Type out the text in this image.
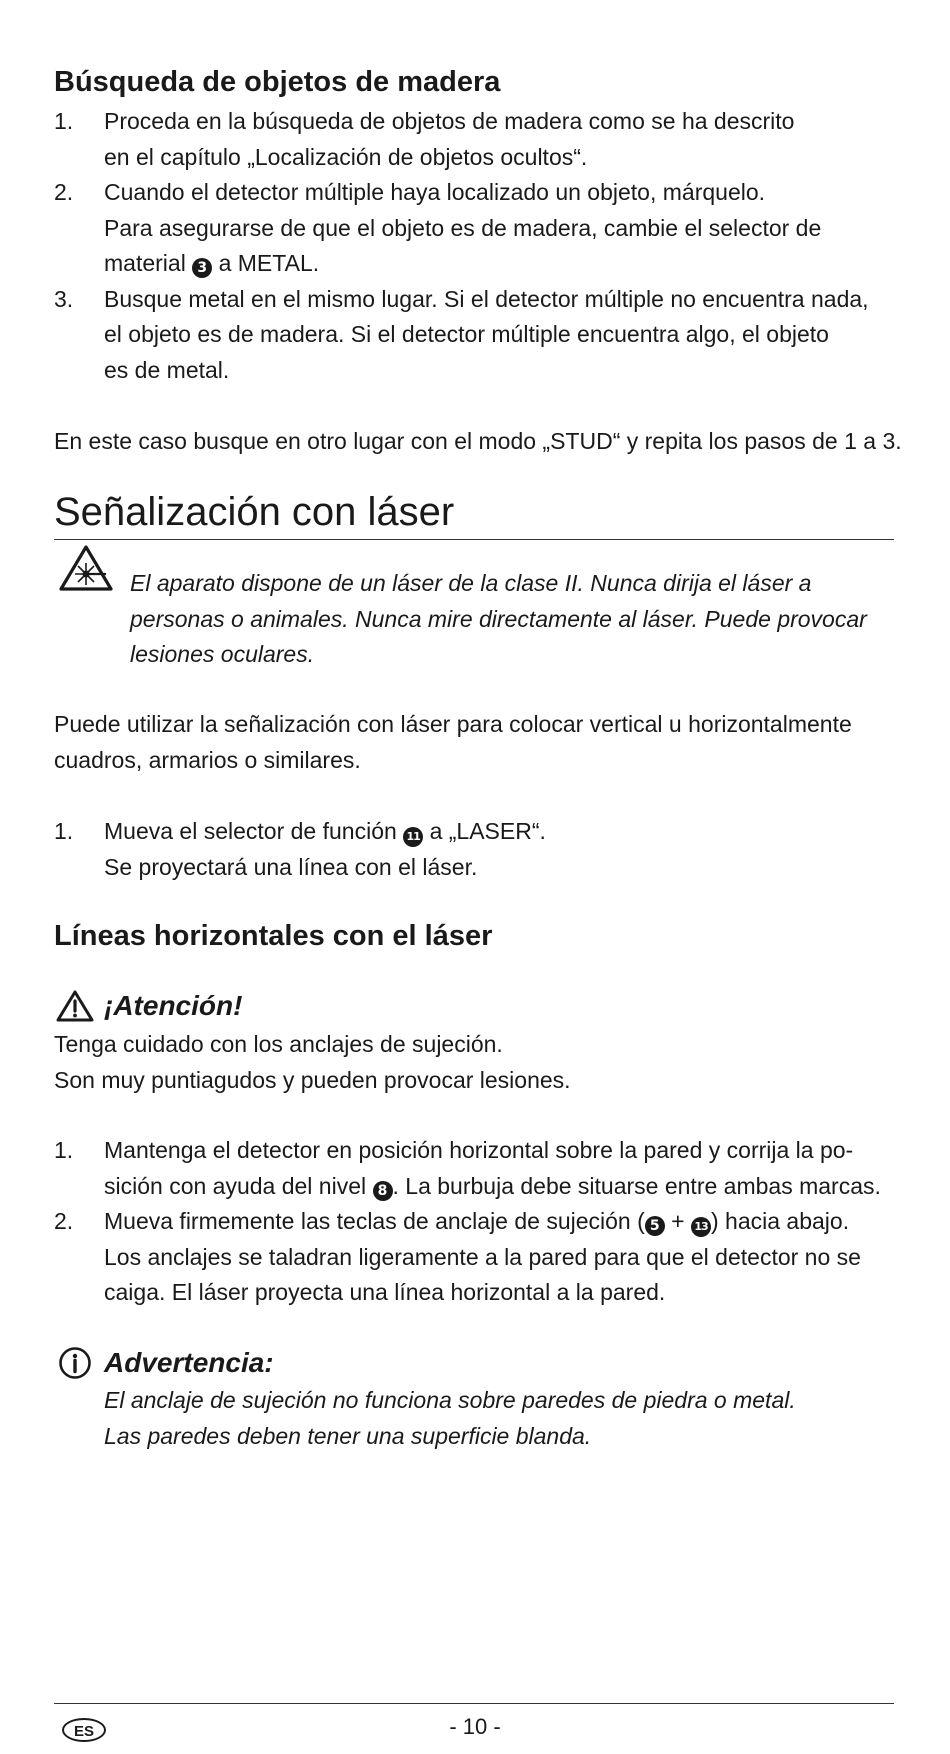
Búsqueda de objetos de madera
1. Proceda en la búsqueda de objetos de madera como se ha descrito
en el capítulo „Localización de objetos ocultos“.
2. Cuando el detector múltiple haya localizado un objeto, márquelo.
Para asegurarse de que el objeto es de madera, cambie el selector de
material 3 a METAL.
3. Busque metal en el mismo lugar. Si el detector múltiple no encuentra nada,
el objeto es de madera. Si el detector múltiple encuentra algo, el objeto
es de metal.
En este caso busque en otro lugar con el modo „STUD“ y repita los pasos de 1 a 3.
Señalización con láser
El aparato dispone de un láser de la clase II. Nunca dirija el láser a
personas o animales. Nunca mire directamente al láser. Puede provocar
lesiones oculares.
Puede utilizar la señalización con láser para colocar vertical u horizontalmente
cuadros, armarios o similares.
1. Mueva el selector de función 11 a „LASER“.
Se proyectará una línea con el láser.
Líneas horizontales con el láser
¡Atención!
Tenga cuidado con los anclajes de sujeción.
Son muy puntiagudos y pueden provocar lesiones.
1. Mantenga el detector en posición horizontal sobre la pared y corrija la po-
sición con ayuda del nivel 8 . La burbuja debe situarse entre ambas marcas.
2. Mueva firmemente las teclas de anclaje de sujeción ( 5 + 13 ) hacia abajo.
Los anclajes se taladran ligeramente a la pared para que el detector no se
caiga. El láser proyecta una línea horizontal a la pared.
Advertencia:
El anclaje de sujeción no funciona sobre paredes de piedra o metal.
Las paredes deben tener una superficie blanda.
ES	- 10 -
